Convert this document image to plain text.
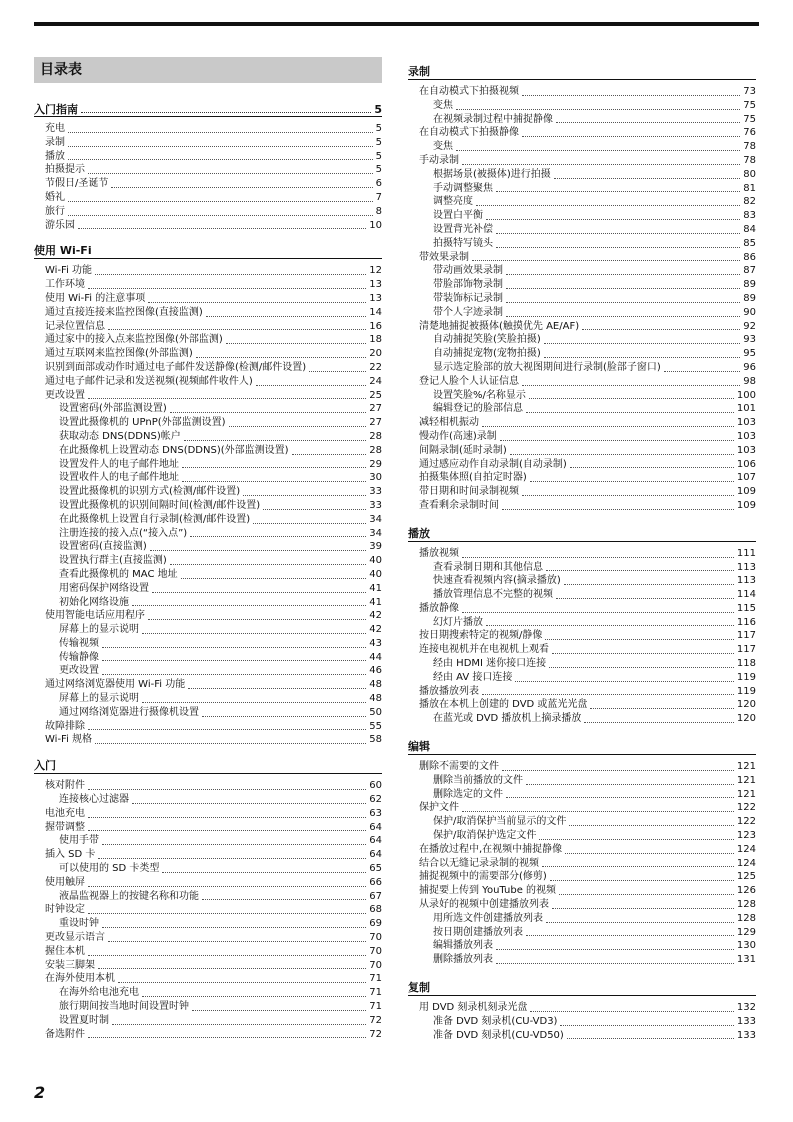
目录表
入门指南	5
充电	5
录制	5
播放	5
拍摄提示	5
节假日/圣诞节	6
婚礼	7
旅行	8
游乐园	10
使用 Wi-Fi
Wi-Fi 功能	12
工作环境	13
使用 Wi-Fi 的注意事项	13
通过直接连接来监控图像(直接监测)	14
记录位置信息	16
通过家中的接入点来监控图像(外部监测)	18
通过互联网来监控图像(外部监测)	20
识别到面部或动作时通过电子邮件发送静像(检测/邮件设置)	22
通过电子邮件记录和发送视频(视频邮件收件人)	24
更改设置	25
设置密码(外部监测设置)	27
设置此摄像机的 UPnP(外部监测设置)	27
获取动态 DNS(DDNS)帐户	28
在此摄像机上设置动态 DNS(DDNS)(外部监测设置)	28
设置发件人的电子邮件地址	29
设置收件人的电子邮件地址	30
设置此摄像机的识别方式(检测/邮件设置)	33
设置此摄像机的识别间隔时间(检测/邮件设置)	33
在此摄像机上设置自行录制(检测/邮件设置)	34
注册连接的接入点(“接入点”)	34
设置密码(直接监测)	39
设置执行群主(直接监测)	40
查看此摄像机的 MAC 地址	40
用密码保护网络设置	41
初始化网络设施	41
使用智能电话应用程序	42
屏幕上的显示说明	42
传输视频	43
传输静像	44
更改设置	46
通过网络浏览器使用 Wi-Fi 功能	48
屏幕上的显示说明	48
通过网络浏览器进行摄像机设置	50
故障排除	55
Wi-Fi 规格	58
入门
核对附件	60
连接核心过滤器	62
电池充电	63
握带调整	64
使用手带	64
插入 SD 卡	64
可以使用的 SD 卡类型	65
使用触屏	66
液晶监视器上的按键名称和功能	67
时钟设定	68
重设时钟	69
更改显示语言	70
握住本机	70
安装三脚架	70
在海外使用本机	71
在海外给电池充电	71
旅行期间按当地时间设置时钟	71
设置夏时制	72
备选附件	72
录制
在自动模式下拍摄视频	73
变焦	75
在视频录制过程中捕捉静像	75
在自动模式下拍摄静像	76
变焦	78
手动录制	78
根据场景(被摄体)进行拍摄	80
手动调整聚焦	81
调整亮度	82
设置白平衡	83
设置背光补偿	84
拍摄特写镜头	85
带效果录制	86
带动画效果录制	87
带脸部饰物录制	89
带装饰标记录制	89
带个人字迹录制	90
清楚地捕捉被摄体(触摸优先 AE/AF)	92
自动捕捉笑脸(笑脸拍摄)	93
自动捕捉宠物(宠物拍摄)	95
显示选定脸部的放大视图期间进行录制(脸部子窗口)	96
登记人脸个人认证信息	98
设置笑脸%/名称显示	100
编辑登记的脸部信息	101
减轻相机振动	103
慢动作(高速)录制	103
间隔录制(延时录制)	103
通过感应动作自动录制(自动录制)	106
拍摄集体照(自拍定时器)	107
带日期和时间录制视频	109
查看剩余录制时间	109
播放
播放视频	111
查看录制日期和其他信息	113
快速查看视频内容(摘录播放)	113
播放管理信息不完整的视频	114
播放静像	115
幻灯片播放	116
按日期搜索特定的视频/静像	117
连接电视机并在电视机上观看	117
经由 HDMI 迷你接口连接	118
经由 AV 接口连接	119
播放播放列表	119
播放在本机上创建的 DVD 或蓝光光盘	120
在蓝光或 DVD 播放机上摘录播放	120
编辑
删除不需要的文件	121
删除当前播放的文件	121
删除选定的文件	121
保护文件	122
保护/取消保护当前显示的文件	122
保护/取消保护选定文件	123
在播放过程中,在视频中捕捉静像	124
结合以无缝记录录制的视频	124
捕捉视频中的需要部分(修剪)	125
捕捉要上传到 YouTube 的视频	126
从录好的视频中创建播放列表	128
用所选文件创建播放列表	128
按日期创建播放列表	129
编辑播放列表	130
删除播放列表	131
复制
用 DVD 刻录机刻录光盘	132
准备 DVD 刻录机(CU-VD3)	133
准备 DVD 刻录机(CU-VD50)	133
2
